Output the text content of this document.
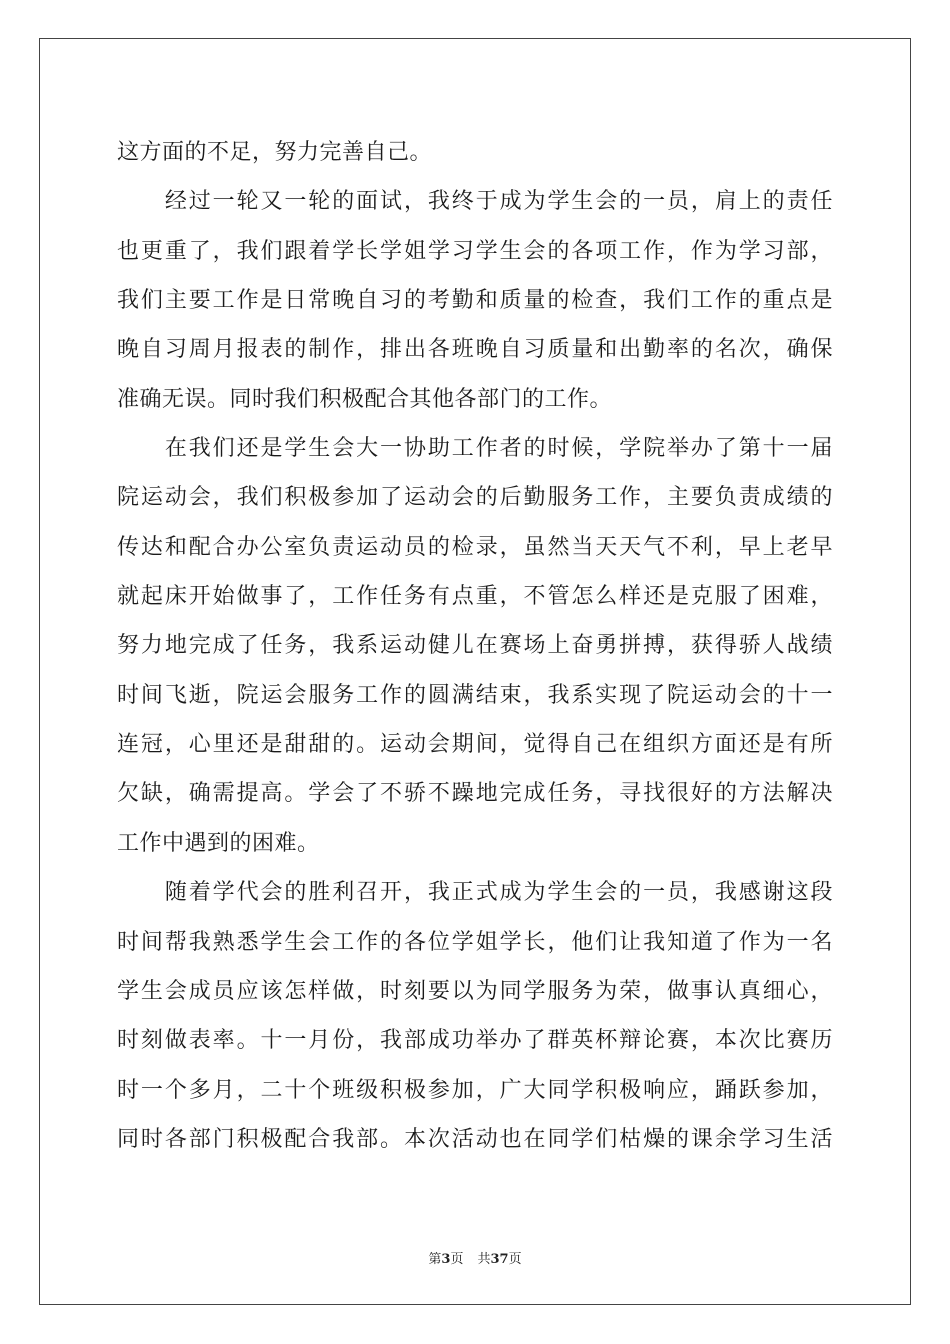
这方面的不足，努力完善自己。
　　经过一轮又一轮的面试，我终于成为学生会的一员，肩上的责任
也更重了，我们跟着学长学姐学习学生会的各项工作，作为学习部，
我们主要工作是日常晚自习的考勤和质量的检查，我们工作的重点是
晚自习周月报表的制作，排出各班晚自习质量和出勤率的名次，确保
准确无误。同时我们积极配合其他各部门的工作。
　　在我们还是学生会大一协助工作者的时候，学院举办了第十一届
院运动会，我们积极参加了运动会的后勤服务工作，主要负责成绩的
传达和配合办公室负责运动员的检录，虽然当天天气不利，早上老早
就起床开始做事了，工作任务有点重，不管怎么样还是克服了困难，
努力地完成了任务，我系运动健儿在赛场上奋勇拼搏，获得骄人战绩
时间飞逝，院运会服务工作的圆满结束，我系实现了院运动会的十一
连冠，心里还是甜甜的。运动会期间，觉得自己在组织方面还是有所
欠缺，确需提高。学会了不骄不躁地完成任务，寻找很好的方法解决
工作中遇到的困难。
　　随着学代会的胜利召开，我正式成为学生会的一员，我感谢这段
时间帮我熟悉学生会工作的各位学姐学长，他们让我知道了作为一名
学生会成员应该怎样做，时刻要以为同学服务为荣，做事认真细心，
时刻做表率。十一月份，我部成功举办了群英杯辩论赛，本次比赛历
时一个多月，二十个班级积极参加，广大同学积极响应，踊跃参加，
同时各部门积极配合我部。本次活动也在同学们枯燥的课余学习生活
第3页 共37页
